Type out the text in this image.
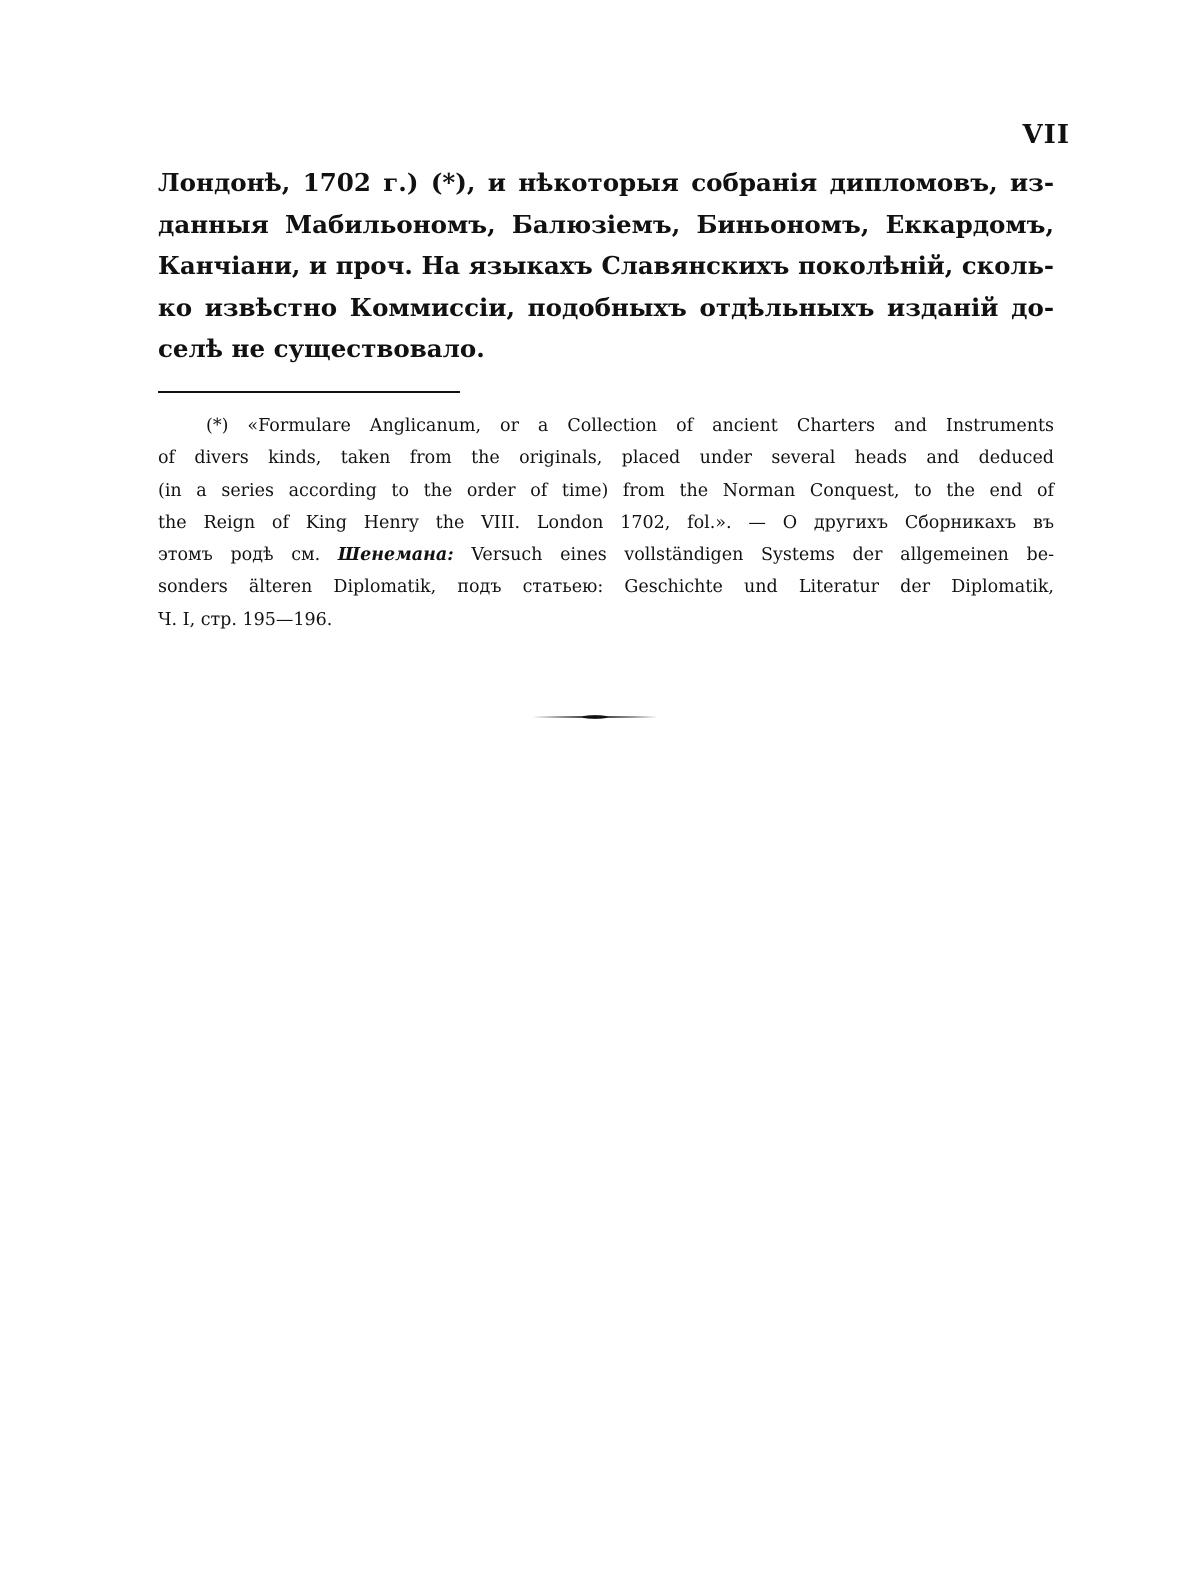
VII
Лондонѣ, 1702 г.) (*), и нѣкоторыя собранія дипломовъ, из-
данныя Мабильономъ, Балюзіемъ, Биньономъ, Еккардомъ,
Канчіани, и проч. На языкахъ Славянскихъ поколѣній, сколь-
ко извѣстно Коммиссіи, подобныхъ отдѣльныхъ изданій до-
селѣ не существовало.
(*) «Formulare Anglicanum, or a Collection of ancient Charters and Instruments
of divers kinds, taken from the originals, placed under several heads and deduced
(in a series according to the order of time) from the Norman Conquest, to the end of
the Reign of King Henry the VIII. London 1702, fol.». — О другихъ Сборникахъ въ
этомъ родѣ см. Шенемана: Versuch eines vollständigen Systems der allgemeinen be-
sonders älteren Diplomatik, подъ статьею: Geschichte und Literatur der Diplomatik,
Ч. I, стр. 195—196.
